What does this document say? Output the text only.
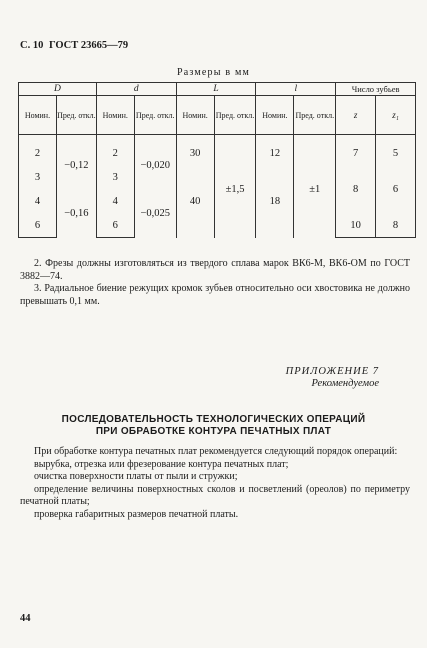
С. 10 ГОСТ 23665—79
Размеры в мм
D		d		L		l		Число зубьев	
Номин.	Пред. откл.	Номин.	Пред. откл.	Номин.	Пред. откл.	Номин.	Пред. откл.	z	z₁

2	−0,12	2	−0,020	30	±1,5	12	±1	7	5
3		3		40		18		8	6
4	−0,16	4	−0,025						
6		6						10	8

2. Фрезы должны изготовляться из твердого сплава марок ВК6-М, ВК6-ОМ по ГОСТ 3882—74.

3. Радиальное биение режущих кромок зубьев относительно оси хвостовика не должно превышать 0,1 мм.

ПРИЛОЖЕНИЕ 7
Рекомендуемое
ПОСЛЕДОВАТЕЛЬНОСТЬ ТЕХНОЛОГИЧЕСКИХ ОПЕРАЦИЙ
ПРИ ОБРАБОТКЕ КОНТУРА ПЕЧАТНЫХ ПЛАТ

При обработке контура печатных плат рекомендуется следующий порядок операций:

вырубка, отрезка или фрезерование контура печатных плат;

очистка поверхности платы от пыли и стружки;

определение величины поверхностных сколов и посветлений (ореолов) по периметру печатной платы;

проверка габаритных размеров печатной платы.

44
